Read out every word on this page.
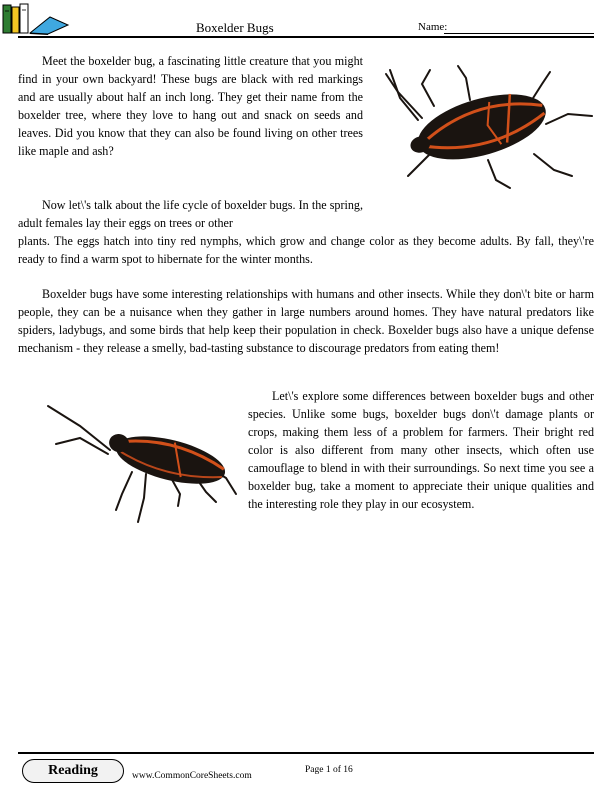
Boxelder Bugs	Name:

Meet the boxelder bug, a fascinating little creature that you might find in your own backyard! These bugs are black with red markings and are usually about half an inch long. They get their name from the boxelder tree, where they love to hang out and snack on seeds and leaves. Did you know that they can also be found living on other trees like maple and ash?

Now let\'s talk about the life cycle of boxelder bugs. In the spring, adult females lay their eggs on trees or other

plants. The eggs hatch into tiny red nymphs, which grow and change color as they become adults. By fall, they\'re ready to find a warm spot to hibernate for the winter months.

Boxelder bugs have some interesting relationships with humans and other insects. While they don\'t bite or harm people, they can be a nuisance when they gather in large numbers around homes. They have natural predators like spiders, ladybugs, and some birds that help keep their population in check. Boxelder bugs also have a unique defense mechanism - they release a smelly, bad-tasting substance to discourage predators from eating them!

Let\'s explore some differences between boxelder bugs and other species. Unlike some bugs, boxelder bugs don\'t damage plants or crops, making them less of a problem for farmers. Their bright red color is also different from many other insects, which often use camouflage to blend in with their surroundings. So next time you see a boxelder bug, take a moment to appreciate their unique qualities and the interesting role they play in our ecosystem.

Reading	www.CommonCoreSheets.com
Page 1 of 16
